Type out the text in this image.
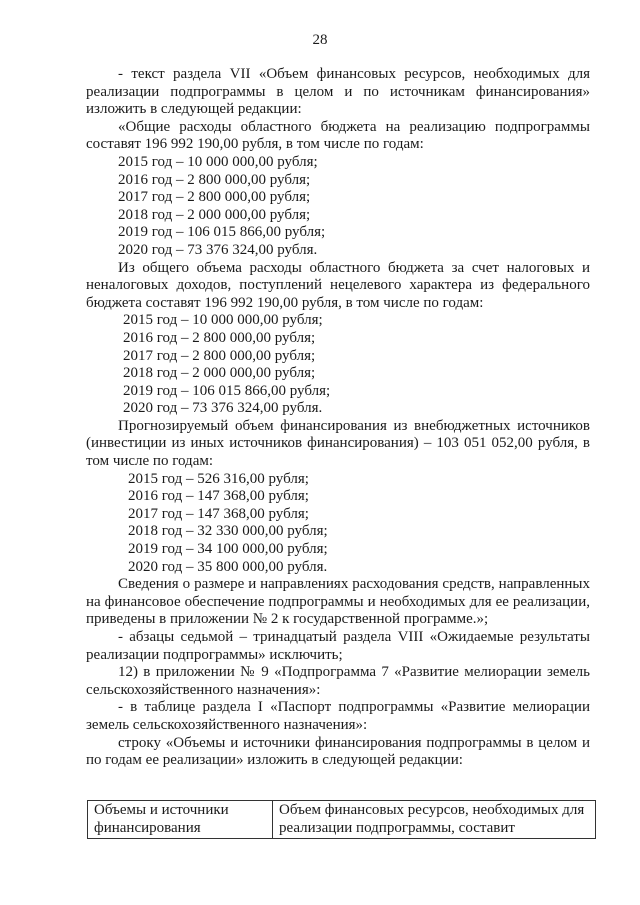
28

- текст раздела VII «Объем финансовых ресурсов, необходимых для реализации подпрограммы в целом и по источникам финансирования» изложить в следующей редакции:

«Общие расходы областного бюджета на реализацию подпрограммы составят 196 992 190,00 рубля, в том числе по годам:

2015 год – 10 000 000,00 рубля;

2016 год – 2 800 000,00 рубля;

2017 год – 2 800 000,00 рубля;

2018 год – 2 000 000,00 рубля;

2019 год – 106 015 866,00 рубля;

2020 год – 73 376 324,00 рубля.

Из общего объема расходы областного бюджета за счет налоговых и неналоговых доходов, поступлений нецелевого характера из федерального бюджета составят 196 992 190,00 рубля, в том числе по годам:

2015 год – 10 000 000,00 рубля;

2016 год – 2 800 000,00 рубля;

2017 год – 2 800 000,00 рубля;

2018 год – 2 000 000,00 рубля;

2019 год – 106 015 866,00 рубля;

2020 год – 73 376 324,00 рубля.

Прогнозируемый объем финансирования из внебюджетных источников (инвестиции из иных источников финансирования) – 103 051 052,00 рубля, в том числе по годам:

2015 год – 526 316,00 рубля;

2016 год – 147 368,00 рубля;

2017 год – 147 368,00 рубля;

2018 год – 32 330 000,00 рубля;

2019 год – 34 100 000,00 рубля;

2020 год – 35 800 000,00 рубля.

Сведения о размере и направлениях расходования средств, направленных на финансовое обеспечение подпрограммы и необходимых для ее реализации, приведены в приложении № 2 к государственной программе.»;

- абзацы седьмой – тринадцатый раздела VIII «Ожидаемые результаты реализации подпрограммы» исключить;

12) в приложении № 9 «Подпрограмма 7 «Развитие мелиорации земель сельскохозяйственного назначения»:

- в таблице раздела I «Паспорт подпрограммы «Развитие мелиорации земель сельскохозяйственного назначения»:

строку «Объемы и источники финансирования подпрограммы в целом и по годам ее реализации» изложить в следующей редакции:

Объемы и источники финансирования	Объем финансовых ресурсов, необходимых для реализации подпрограммы, составит
